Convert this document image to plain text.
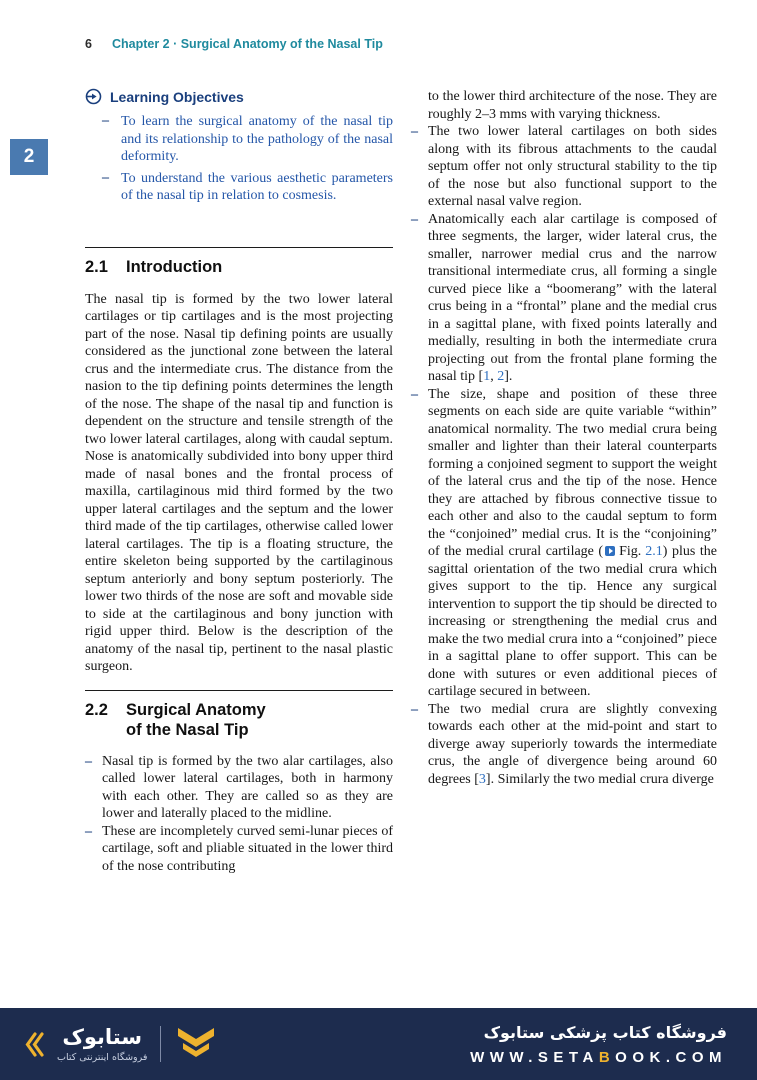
6 Chapter 2 · Surgical Anatomy of the Nasal Tip
2
Learning Objectives
– To learn the surgical anatomy of the nasal tip and its relationship to the pathology of the nasal deformity.
– To understand the various aesthetic parameters of the nasal tip in relation to cosmesis.
2.1 Introduction

The nasal tip is formed by the two lower lateral cartilages or tip cartilages and is the most projecting part of the nose. Nasal tip defining points are usually considered as the junctional zone between the lateral crus and the intermediate crus. The distance from the nasion to the tip defining points determines the length of the nose. The shape of the nasal tip and function is dependent on the structure and tensile strength of the two lower lateral cartilages, along with caudal septum. Nose is anatomically subdivided into bony upper third made of nasal bones and the frontal process of maxilla, cartilaginous mid third formed by the two upper lateral cartilages and the septum and the lower third made of the tip cartilages, otherwise called lower lateral cartilages. The tip is a floating structure, the entire skeleton being supported by the cartilaginous septum anteriorly and bony septum posteriorly. The lower two thirds of the nose are soft and movable side to side at the cartilaginous and bony junction with rigid upper third. Below is the description of the anatomy of the nasal tip, pertinent to the nasal plastic surgeon.

2.2 Surgical Anatomy of the Nasal Tip
– Nasal tip is formed by the two alar cartilages, also called lower lateral cartilages, both in harmony with each other. They are called so as they are lower and laterally placed to the midline.
– These are incompletely curved semi-lunar pieces of cartilage, soft and pliable situated in the lower third of the nose contributing
to the lower third architecture of the nose. They are roughly 2–3 mms with varying thickness.
– The two lower lateral cartilages on both sides along with its fibrous attachments to the caudal septum offer not only structural stability to the tip of the nose but also functional support to the external nasal valve region.
– Anatomically each alar cartilage is composed of three segments, the larger, wider lateral crus, the smaller, narrower medial crus and the narrow transitional intermediate crus, all forming a single curved piece like a “boomerang” with the lateral crus being in a “frontal” plane and the medial crus in a sagittal plane, with fixed points laterally and medially, resulting in both the intermediate crura projecting out from the frontal plane forming the nasal tip [1, 2].
– The size, shape and position of these three segments on each side are quite variable “within” anatomical normality. The two medial crura being smaller and lighter than their lateral counterparts forming a conjoined segment to support the weight of the lateral crus and the tip of the nose. Hence they are attached by fibrous connective tissue to each other and also to the caudal septum to form the “conjoined” medial crus. It is the “conjoining” of the medial crural cartilage ( Fig. 2.1) plus the sagittal orientation of the two medial crura which gives support to the tip. Hence any surgical intervention to support the tip should be directed to increasing or strengthening the medial crus and make the two medial crura into a “conjoined” piece in a sagittal plane to offer support. This can be done with sutures or even additional pieces of cartilage secured in between.
– The two medial crura are slightly convexing towards each other at the mid-point and start to diverge away superiorly towards the intermediate crus, the angle of divergence being around 60 degrees [3]. Similarly the two medial crura diverge
ستابوک
فروشگاه اینترنتی کتاب
فروشگاه کتاب پزشکی ستابوک
WWW.SETABOOK.COM
